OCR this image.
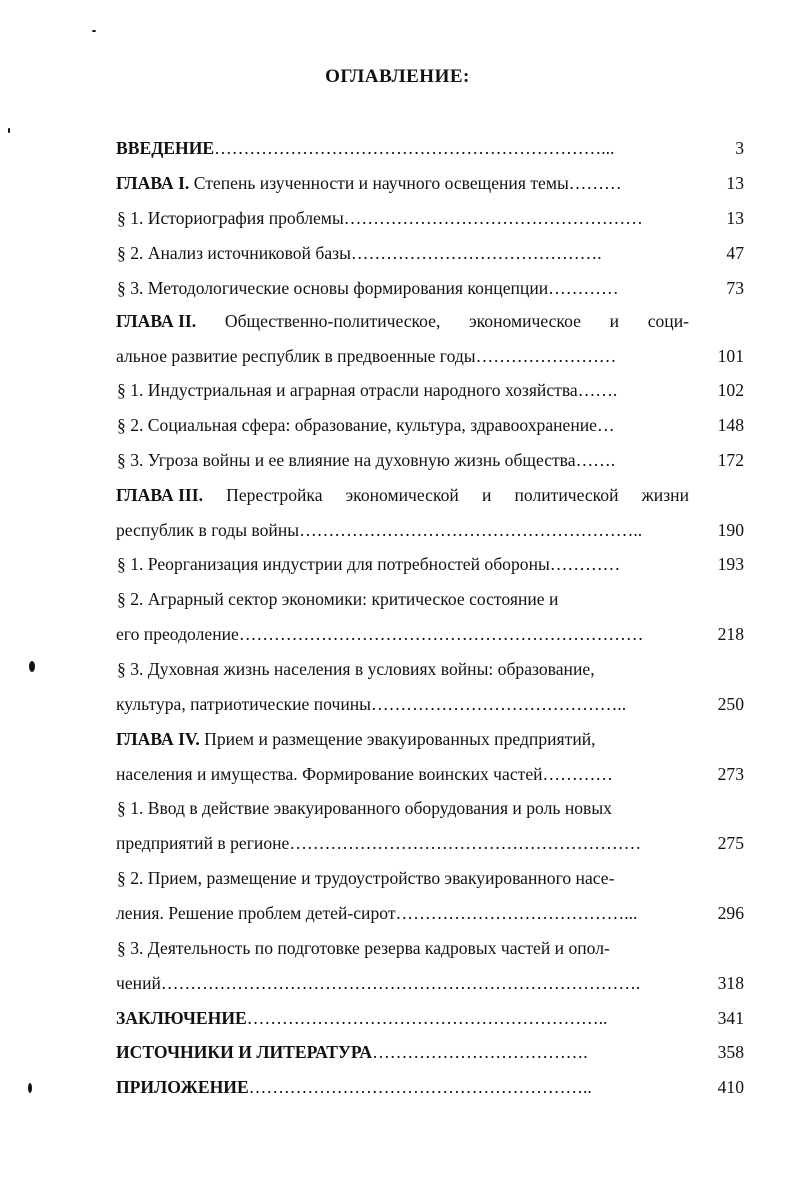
ОГЛАВЛЕНИЕ:
ВВЕДЕНИЕ…………………………………………………………...	3
ГЛАВА I. Степень изученности и научного освещения темы………	13
§ 1. Историография проблемы……………………………………………	13
§ 2. Анализ источниковой базы…………………………………….	47
§ 3. Методологические основы формирования концепции…………	73
ГЛАВА II. Общественно-политическое, экономическое и соци-
альное развитие республик в предвоенные годы……………………	101
§ 1. Индустриальная и аграрная отрасли народного хозяйства…….	102
§ 2. Социальная сфера: образование, культура, здравоохранение…	148
§ 3. Угроза войны и ее влияние на духовную жизнь общества…….	172
ГЛАВА III. Перестройка экономической и политической жизни
республик в годы войны…………………………………………………..	190
§ 1. Реорганизация индустрии для потребностей обороны…………	193
§ 2. Аграрный сектор экономики: критическое состояние и
его преодоление……………………………………………………………	218
§ 3. Духовная жизнь населения в условиях войны: образование,
культура, патриотические почины……………………………………..	250
ГЛАВА IV. Прием и размещение эвакуированных предприятий,
населения и имущества. Формирование воинских частей…………	273
§ 1. Ввод в действие эвакуированного оборудования и роль новых
предприятий в регионе……………………………………………………	275
§ 2. Прием, размещение и трудоустройство эвакуированного насе-
ления. Решение проблем детей-сирот…………………………………...	296
§ 3. Деятельность по подготовке резерва кадровых частей и опол-
чений……………………………………………………………………….	318
ЗАКЛЮЧЕНИЕ……………………………………………………..	341
ИСТОЧНИКИ И ЛИТЕРАТУРА……………………………….	358
ПРИЛОЖЕНИЕ…………………………………………………..	410
